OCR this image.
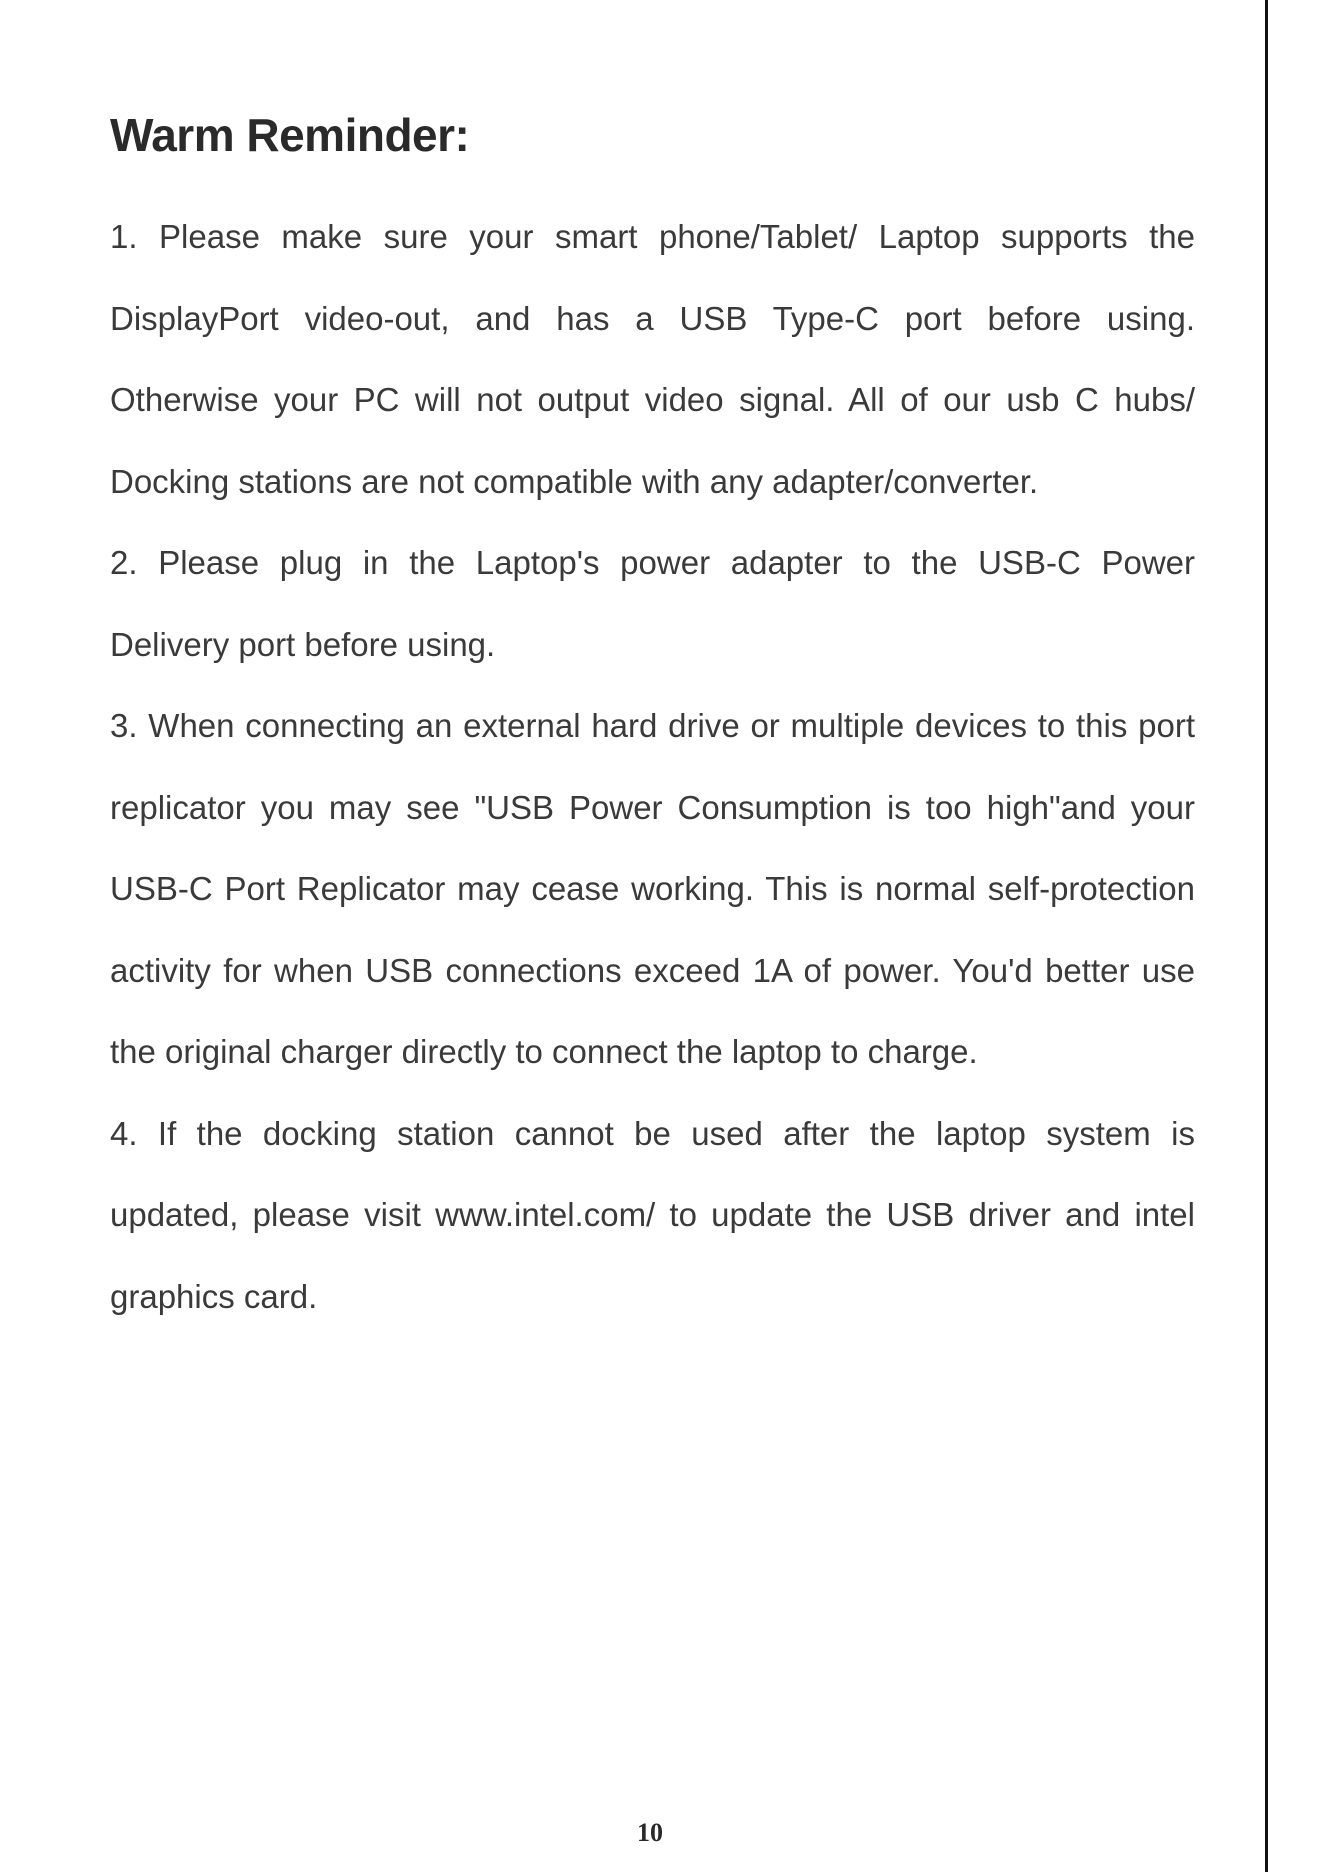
Warm Reminder:

1. Please make sure your smart phone/Tablet/ Laptop supports the DisplayPort video-out, and has a USB Type-C port before using. Otherwise your PC will not output video signal. All of our usb C hubs/ Docking stations are not compatible with any adapter/converter.

2. Please plug in the Laptop's power adapter to the USB-C Power Delivery port before using.

3. When connecting an external hard drive or multiple devices to this port replicator you may see "USB Power Consumption is too high"and your USB-C Port Replicator may cease working. This is normal self-protection activity for when USB connections exceed 1A of power. You'd better use the original charger directly to connect the laptop to charge.

4. If the docking station cannot be used after the laptop system is updated, please visit www.intel.com/ to update the USB driver and intel graphics card.

10
